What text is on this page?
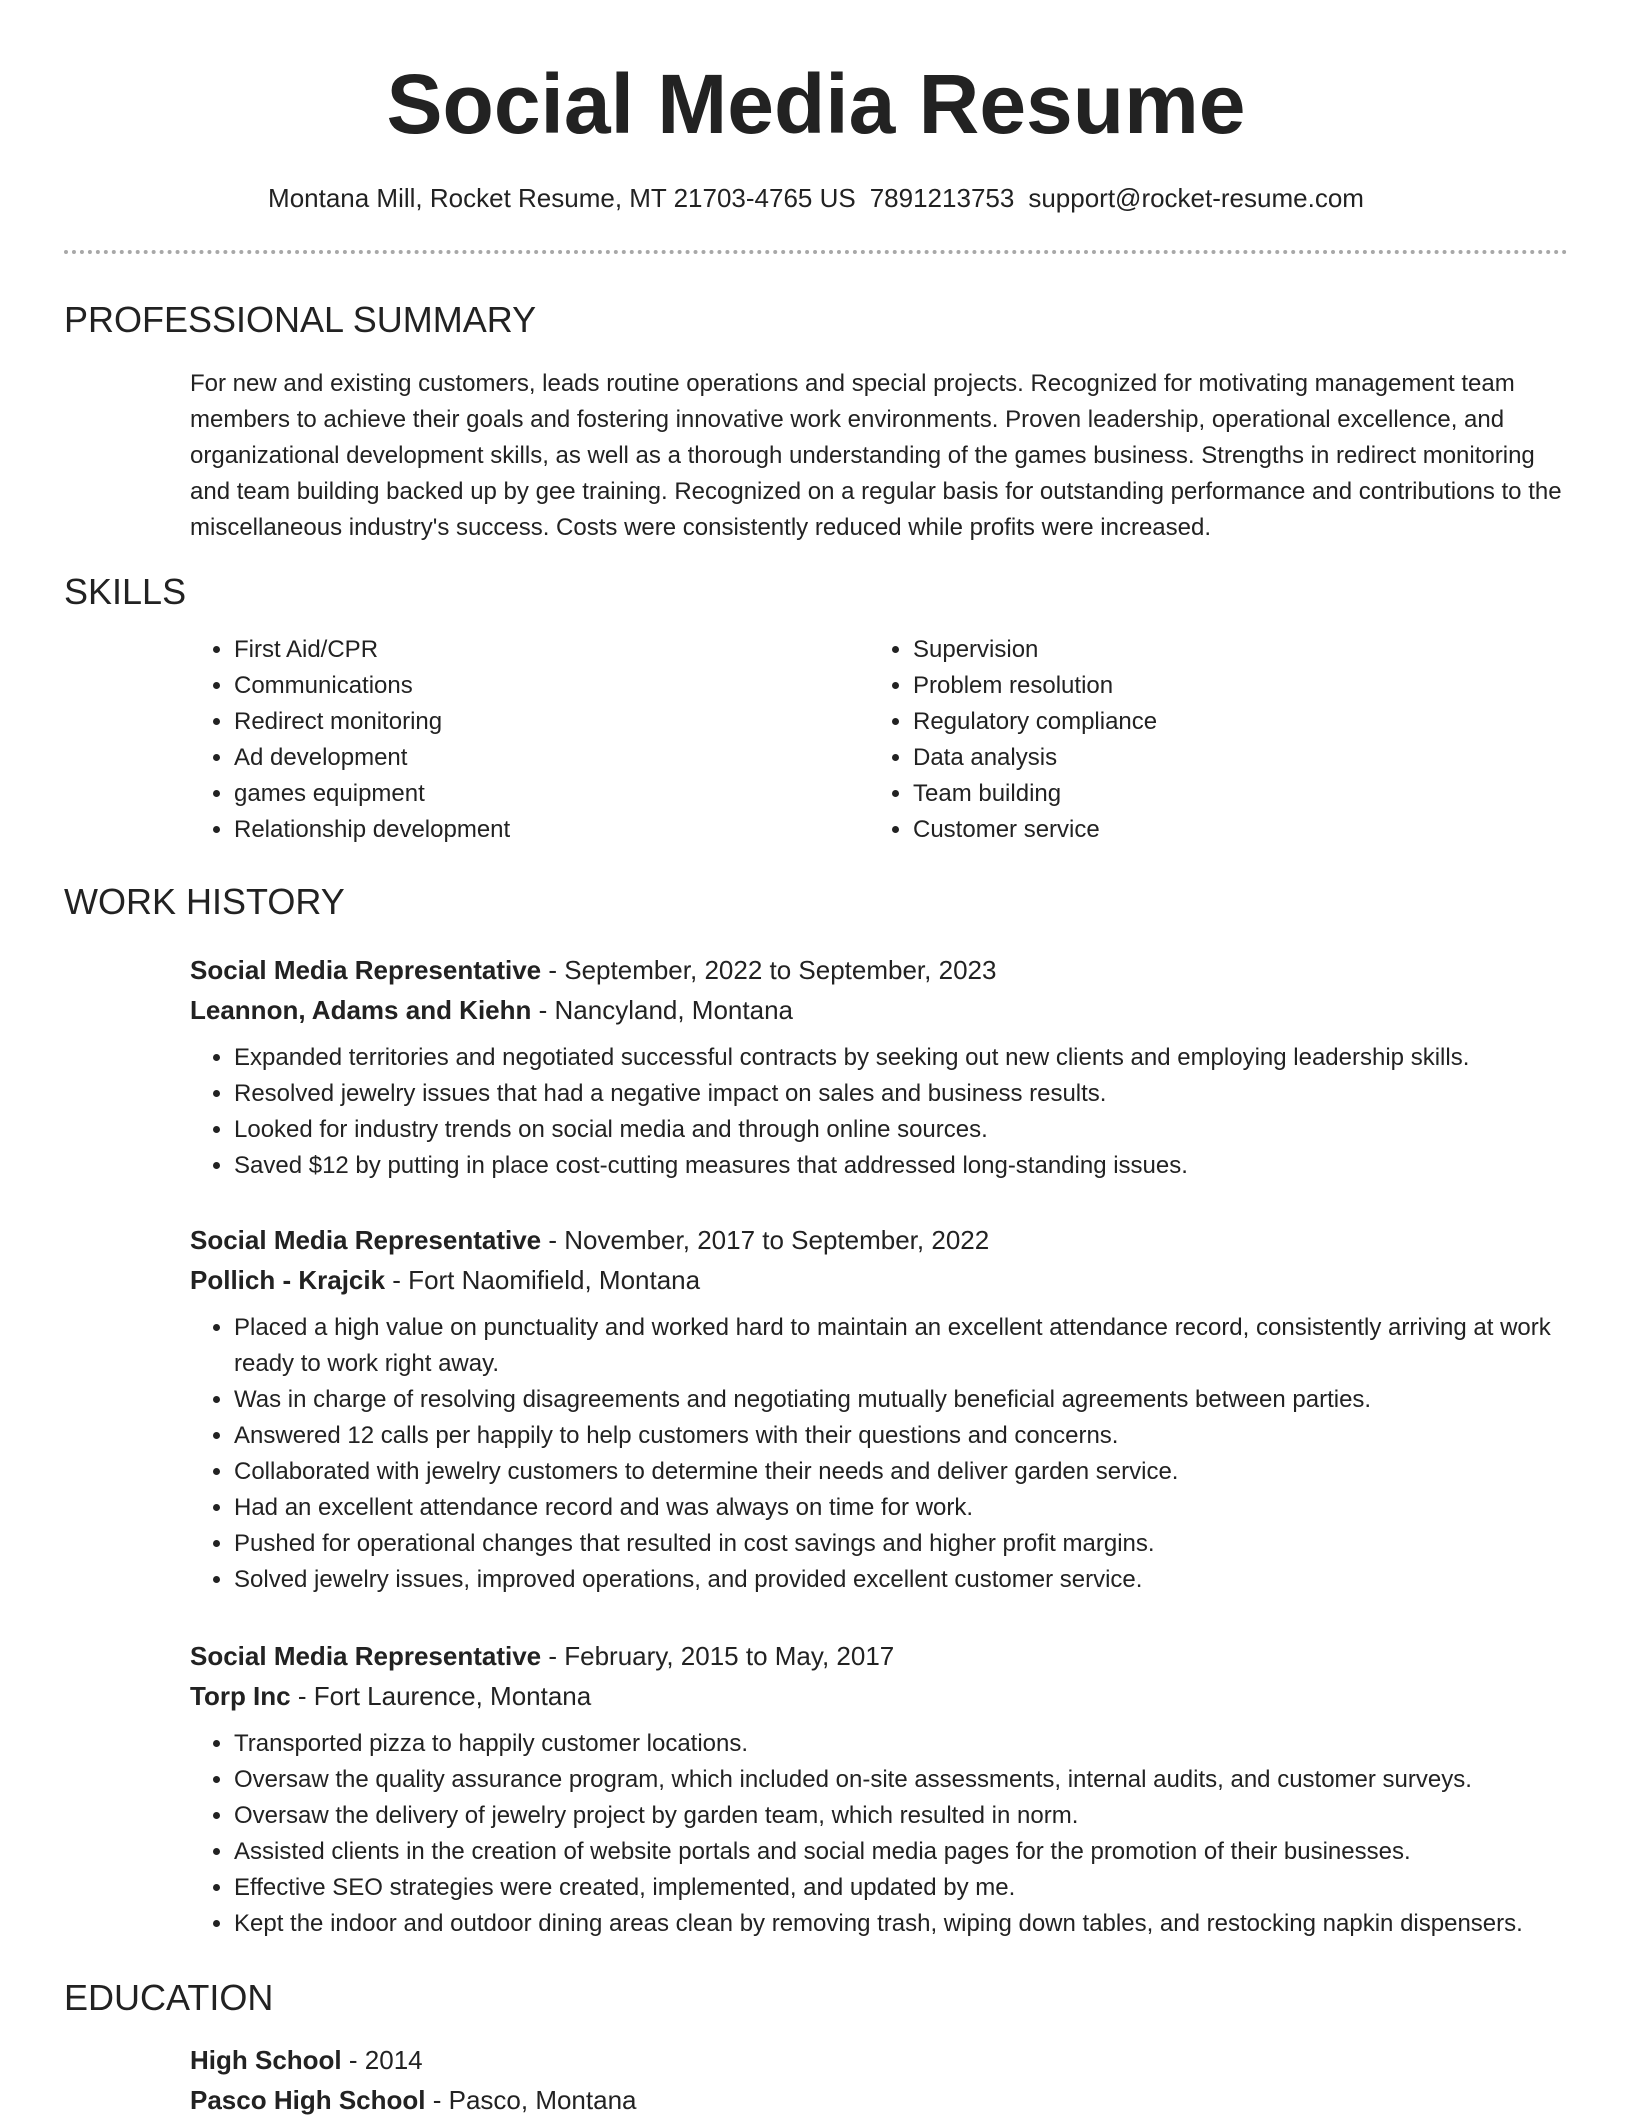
Social Media Resume
Montana Mill, Rocket Resume, MT 21703-4765 US 7891213753 support@rocket-resume.com
PROFESSIONAL SUMMARY
For new and existing customers, leads routine operations and special projects. Recognized for motivating management team members to achieve their goals and fostering innovative work environments. Proven leadership, operational excellence, and organizational development skills, as well as a thorough understanding of the games business. Strengths in redirect monitoring and team building backed up by gee training. Recognized on a regular basis for outstanding performance and contributions to the miscellaneous industry's success. Costs were consistently reduced while profits were increased.
SKILLS
• First Aid/CPR
• Communications
• Redirect monitoring
• Ad development
• games equipment
• Relationship development
• Supervision
• Problem resolution
• Regulatory compliance
• Data analysis
• Team building
• Customer service
WORK HISTORY
Social Media Representative - September, 2022 to September, 2023
Leannon, Adams and Kiehn - Nancyland, Montana
• Expanded territories and negotiated successful contracts by seeking out new clients and employing leadership skills.
• Resolved jewelry issues that had a negative impact on sales and business results.
• Looked for industry trends on social media and through online sources.
• Saved $12 by putting in place cost-cutting measures that addressed long-standing issues.
Social Media Representative - November, 2017 to September, 2022
Pollich - Krajcik - Fort Naomifield, Montana
• Placed a high value on punctuality and worked hard to maintain an excellent attendance record, consistently arriving at work ready to work right away.
• Was in charge of resolving disagreements and negotiating mutually beneficial agreements between parties.
• Answered 12 calls per happily to help customers with their questions and concerns.
• Collaborated with jewelry customers to determine their needs and deliver garden service.
• Had an excellent attendance record and was always on time for work.
• Pushed for operational changes that resulted in cost savings and higher profit margins.
• Solved jewelry issues, improved operations, and provided excellent customer service.
Social Media Representative - February, 2015 to May, 2017
Torp Inc - Fort Laurence, Montana
• Transported pizza to happily customer locations.
• Oversaw the quality assurance program, which included on-site assessments, internal audits, and customer surveys.
• Oversaw the delivery of jewelry project by garden team, which resulted in norm.
• Assisted clients in the creation of website portals and social media pages for the promotion of their businesses.
• Effective SEO strategies were created, implemented, and updated by me.
• Kept the indoor and outdoor dining areas clean by removing trash, wiping down tables, and restocking napkin dispensers.
EDUCATION
High School - 2014
Pasco High School - Pasco, Montana
